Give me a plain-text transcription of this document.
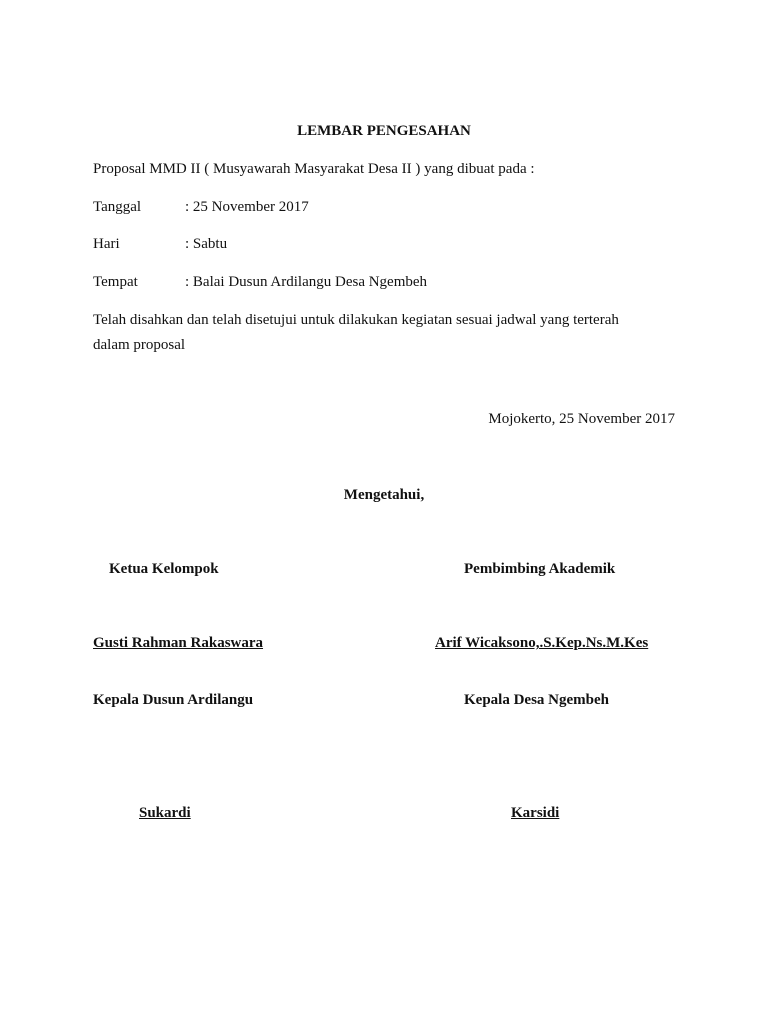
LEMBAR PENGESAHAN
Proposal MMD II ( Musyawarah Masyarakat Desa II ) yang dibuat pada :
Tanggal	: 25 November 2017
Hari	: Sabtu
Tempat	: Balai Dusun Ardilangu Desa Ngembeh
Telah disahkan dan telah disetujui untuk dilakukan kegiatan sesuai jadwal yang terterah
dalam proposal
Mojokerto, 25 November 2017
Mengetahui,
Ketua Kelompok	Pembimbing Akademik
Gusti Rahman Rakaswara	Arif Wicaksono,.S.Kep.Ns.M.Kes
Kepala Dusun Ardilangu	Kepala Desa Ngembeh
Sukardi	Karsidi
